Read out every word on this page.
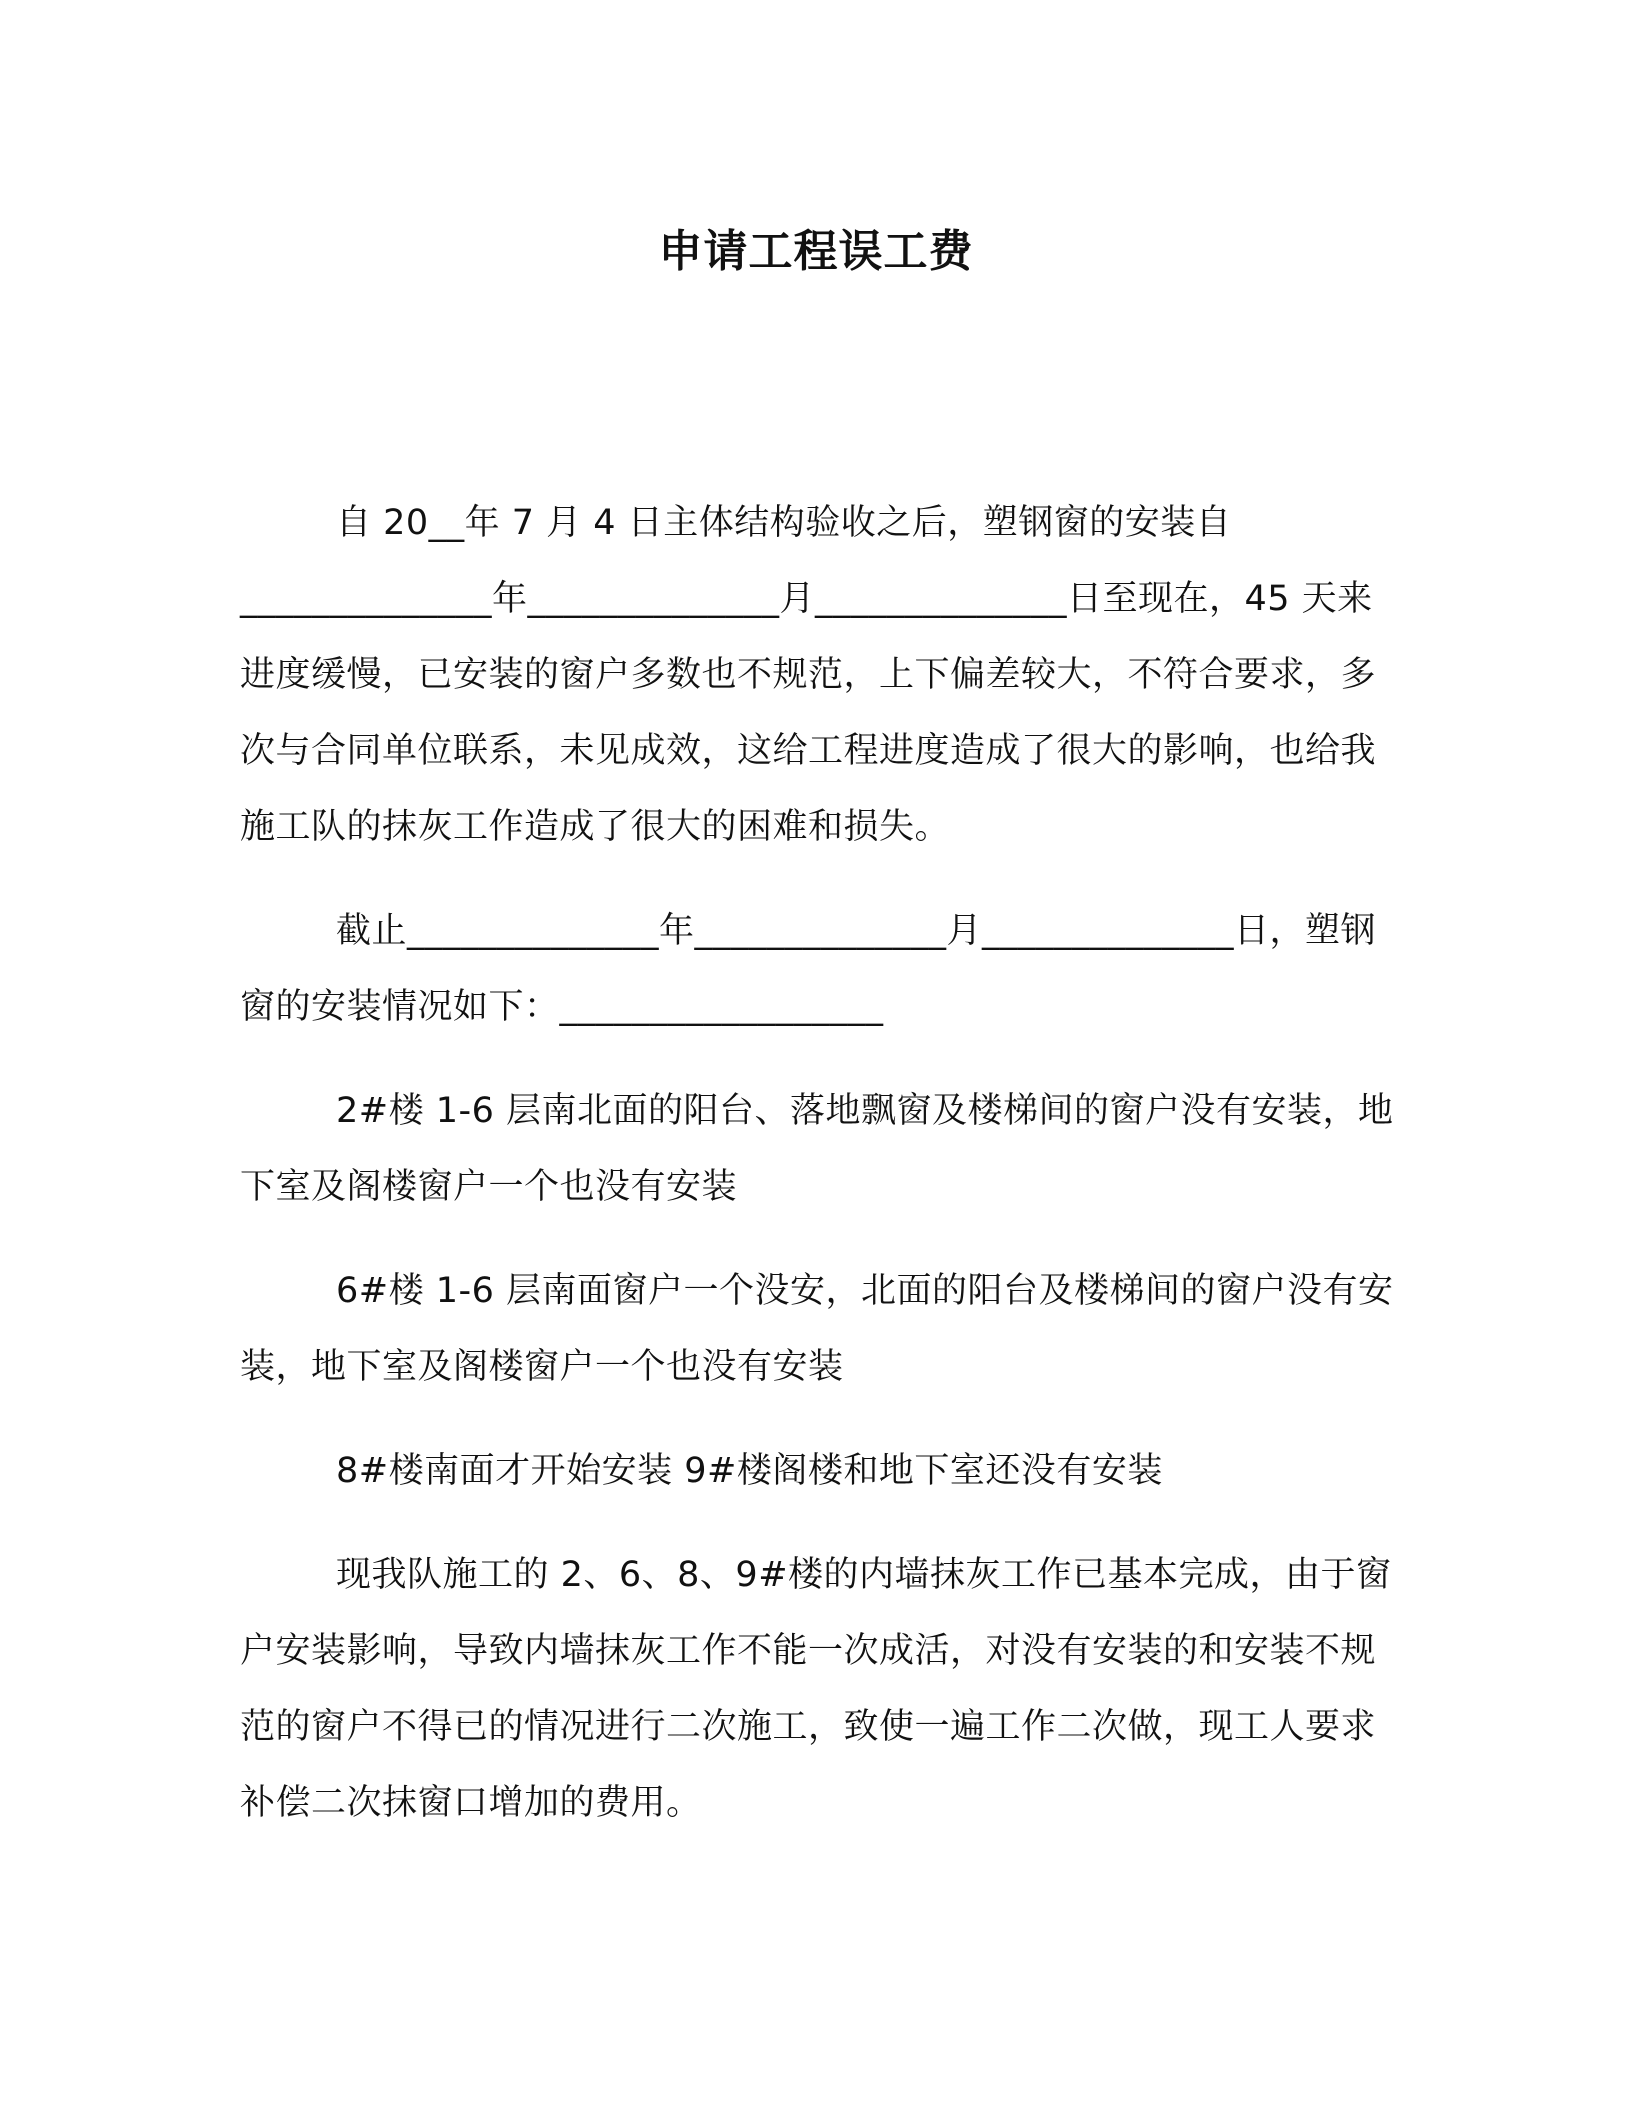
申请工程误工费

自 20__年 7 月 4 日主体结构验收之后，塑钢窗的安装自______________年______________月______________日至现在，45 天来进度缓慢，已安装的窗户多数也不规范，上下偏差较大，不符合要求，多次与合同单位联系，未见成效，这给工程进度造成了很大的影响，也给我施工队的抹灰工作造成了很大的困难和损失。

截止______________年______________月______________日，塑钢窗的安装情况如下：__________________

2#楼 1-6 层南北面的阳台、落地飘窗及楼梯间的窗户没有安装，地下室及阁楼窗户一个也没有安装

6#楼 1-6 层南面窗户一个没安，北面的阳台及楼梯间的窗户没有安装，地下室及阁楼窗户一个也没有安装

8#楼南面才开始安装 9#楼阁楼和地下室还没有安装

现我队施工的 2、6、8、9#楼的内墙抹灰工作已基本完成，由于窗户安装影响，导致内墙抹灰工作不能一次成活，对没有安装的和安装不规范的窗户不得已的情况进行二次施工，致使一遍工作二次做，现工人要求补偿二次抹窗口增加的费用。
